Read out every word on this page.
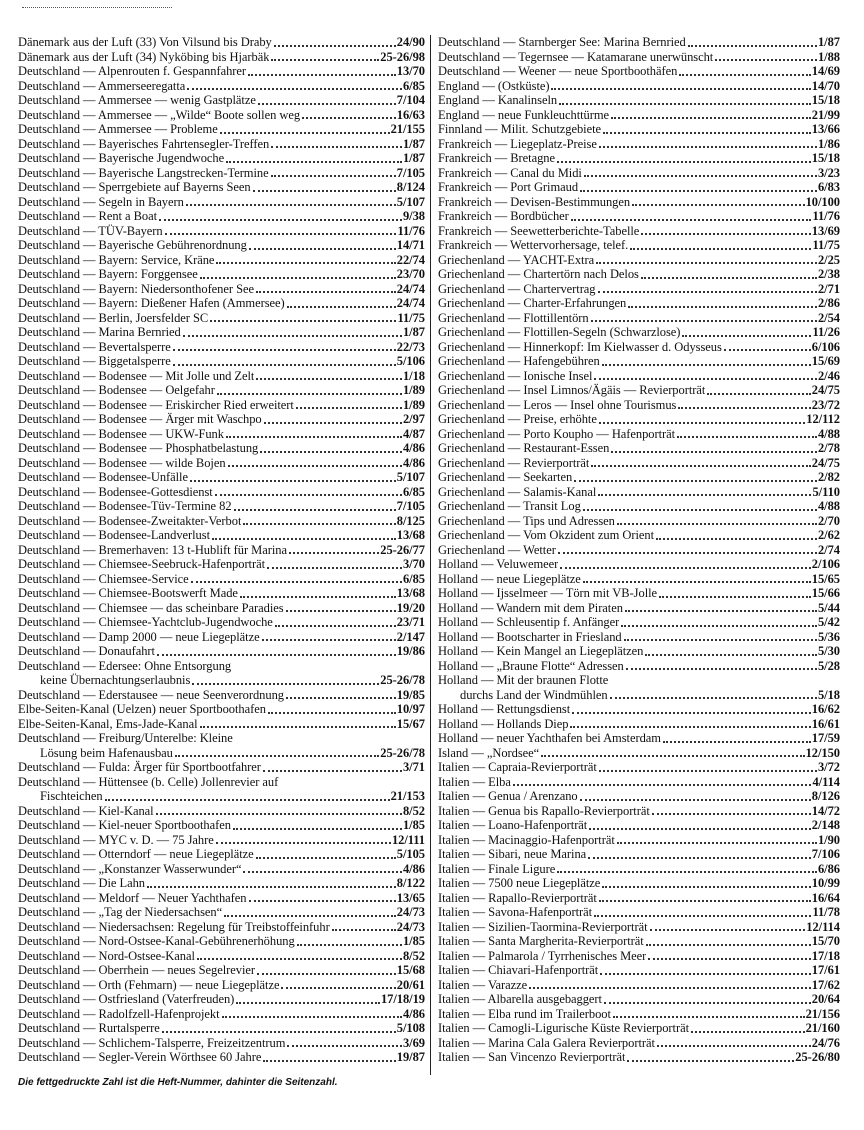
Dänemark aus der Luft (33) Von Vilsund bis Draby	24/90
Dänemark aus der Luft (34) Nyköbing bis Hjarbäk	25-26/98
Deutschland — Alpenrouten f. Gespannfahrer	13/70
Deutschland — Ammerseeregatta	6/85
Deutschland — Ammersee — wenig Gastplätze	7/104
Deutschland — Ammersee — „Wilde“ Boote sollen weg	16/63
Deutschland — Ammersee — Probleme	21/155
Deutschland — Bayerisches Fahrtensegler-Treffen	1/87
Deutschland — Bayerische Jugendwoche	1/87
Deutschland — Bayerische Langstrecken-Termine	7/105
Deutschland — Sperrgebiete auf Bayerns Seen	8/124
Deutschland — Segeln in Bayern	5/107
Deutschland — Rent a Boat	9/38
Deutschland — TÜV-Bayern	11/76
Deutschland — Bayerische Gebührenordnung	14/71
Deutschland — Bayern: Service, Kräne	22/74
Deutschland — Bayern: Forggensee	23/70
Deutschland — Bayern: Niedersonthofener See	24/74
Deutschland — Bayern: Dießener Hafen (Ammersee)	24/74
Deutschland — Berlin, Joersfelder SC	11/75
Deutschland — Marina Bernried	1/87
Deutschland — Bevertalsperre	22/73
Deutschland — Biggetalsperre	5/106
Deutschland — Bodensee — Mit Jolle und Zelt	1/18
Deutschland — Bodensee — Oelgefahr	1/89
Deutschland — Bodensee — Eriskircher Ried erweitert	1/89
Deutschland — Bodensee — Ärger mit Waschpo	2/97
Deutschland — Bodensee — UKW-Funk	4/87
Deutschland — Bodensee — Phosphatbelastung	4/86
Deutschland — Bodensee — wilde Bojen	4/86
Deutschland — Bodensee-Unfälle	5/107
Deutschland — Bodensee-Gottesdienst	6/85
Deutschland — Bodensee-Tüv-Termine 82	7/105
Deutschland — Bodensee-Zweitakter-Verbot	8/125
Deutschland — Bodensee-Landverlust	13/68
Deutschland — Bremerhaven: 13 t-Hublift für Marina	25-26/77
Deutschland — Chiemsee-Seebruck-Hafenporträt	3/70
Deutschland — Chiemsee-Service	6/85
Deutschland — Chiemsee-Bootswerft Made	13/68
Deutschland — Chiemsee — das scheinbare Paradies	19/20
Deutschland — Chiemsee-Yachtclub-Jugendwoche	23/71
Deutschland — Damp 2000 — neue Liegeplätze	2/147
Deutschland — Donaufahrt	19/86
Deutschland — Edersee: Ohne Entsorgung
keine Übernachtungserlaubnis	25-26/78
Deutschland — Ederstausee — neue Seenverordnung	19/85
Elbe-Seiten-Kanal (Uelzen) neuer Sportboothafen	10/97
Elbe-Seiten-Kanal, Ems-Jade-Kanal	15/67
Deutschland — Freiburg/Unterelbe: Kleine
Lösung beim Hafenausbau	25-26/78
Deutschland — Fulda: Ärger für Sportbootfahrer	3/71
Deutschland — Hüttensee (b. Celle) Jollenrevier auf
Fischteichen	21/153
Deutschland — Kiel-Kanal	8/52
Deutschland — Kiel-neuer Sportboothafen	1/85
Deutschland — MYC v. D. — 75 Jahre	12/111
Deutschland — Otterndorf — neue Liegeplätze	5/105
Deutschland — „Konstanzer Wasserwunder“	4/86
Deutschland — Die Lahn	8/122
Deutschland — Meldorf — Neuer Yachthafen	13/65
Deutschland — „Tag der Niedersachsen“	24/73
Deutschland — Niedersachsen: Regelung für Treibstoffeinfuhr	24/73
Deutschland — Nord-Ostsee-Kanal-Gebührenerhöhung	1/85
Deutschland — Nord-Ostsee-Kanal	8/52
Deutschland — Oberrhein — neues Segelrevier	15/68
Deutschland — Orth (Fehmarn) — neue Liegeplätze	20/61
Deutschland — Ostfriesland (Vaterfreuden)	17/18/19
Deutschland — Radolfzell-Hafenprojekt	4/86
Deutschland — Rurtalsperre	5/108
Deutschland — Schlichem-Talsperre, Freizeitzentrum	3/69
Deutschland — Segler-Verein Wörthsee 60 Jahre	19/87
Deutschland — Starnberger See: Marina Bernried	1/87
Deutschland — Tegernsee — Katamarane unerwünscht	1/88
Deutschland — Weener — neue Sportboothäfen	14/69
England — (Ostküste)	14/70
England — Kanalinseln	15/18
England — neue Funkleuchttürme	21/99
Finnland — Milit. Schutzgebiete	13/66
Frankreich — Liegeplatz-Preise	1/86
Frankreich — Bretagne	15/18
Frankreich — Canal du Midi	3/23
Frankreich — Port Grimaud	6/83
Frankreich — Devisen-Bestimmungen	10/100
Frankreich — Bordbücher	11/76
Frankreich — Seewetterberichte-Tabelle	13/69
Frankreich — Wettervorhersage, telef.	11/75
Griechenland — YACHT-Extra	2/25
Griechenland — Chartertörn nach Delos	2/38
Griechenland — Chartervertrag	2/71
Griechenland — Charter-Erfahrungen	2/86
Griechenland — Flottillentörn	2/54
Griechenland — Flottillen-Segeln (Schwarzlose)	11/26
Griechenland — Hinnerkopf: Im Kielwasser d. Odysseus	6/106
Griechenland — Hafengebühren	15/69
Griechenland — Ionische Insel	2/46
Griechenland — Insel Limnos/Ägäis — Revierporträt	24/75
Griechenland — Leros — Insel ohne Tourismus	23/72
Griechenland — Preise, erhöhte	12/112
Griechenland — Porto Koupho — Hafenporträt	4/88
Griechenland — Restaurant-Essen	2/78
Griechenland — Revierporträt	24/75
Griechenland — Seekarten	2/82
Griechenland — Salamis-Kanal	5/110
Griechenland — Transit Log	4/88
Griechenland — Tips und Adressen	2/70
Griechenland — Vom Okzident zum Orient	2/62
Griechenland — Wetter	2/74
Holland — Veluwemeer	2/106
Holland — neue Liegeplätze	15/65
Holland — Ijsselmeer — Törn mit VB-Jolle	15/66
Holland — Wandern mit dem Piraten	5/44
Holland — Schleusentip f. Anfänger	5/42
Holland — Bootscharter in Friesland	5/36
Holland — Kein Mangel an Liegeplätzen	5/30
Holland — „Braune Flotte“ Adressen	5/28
Holland — Mit der braunen Flotte
durchs Land der Windmühlen	5/18
Holland — Rettungsdienst	16/62
Holland — Hollands Diep	16/61
Holland — neuer Yachthafen bei Amsterdam	17/59
Island — „Nordsee“	12/150
Italien — Capraia-Revierporträt	3/72
Italien — Elba	4/114
Italien — Genua / Arenzano	8/126
Italien — Genua bis Rapallo-Revierporträt	14/72
Italien — Loano-Hafenporträt	2/148
Italien — Macinaggio-Hafenporträt	1/90
Italien — Sibari, neue Marina	7/106
Italien — Finale Ligure	6/86
Italien — 7500 neue Liegeplätze	10/99
Italien — Rapallo-Revierporträt	16/64
Italien — Savona-Hafenporträt	11/78
Italien — Sizilien-Taormina-Revierporträt	12/114
Italien — Santa Margherita-Revierporträt	15/70
Italien — Palmarola / Tyrrhenisches Meer	17/18
Italien — Chiavari-Hafenporträt	17/61
Italien — Varazze	17/62
Italien — Albarella ausgebaggert	20/64
Italien — Elba rund im Trailerboot	21/156
Italien — Camogli-Ligurische Küste Revierporträt	21/160
Italien — Marina Cala Galera Revierporträt	24/76
Italien — San Vincenzo Revierporträt	25-26/80
Die fettgedruckte Zahl ist die Heft-Nummer, dahinter die Seitenzahl.
